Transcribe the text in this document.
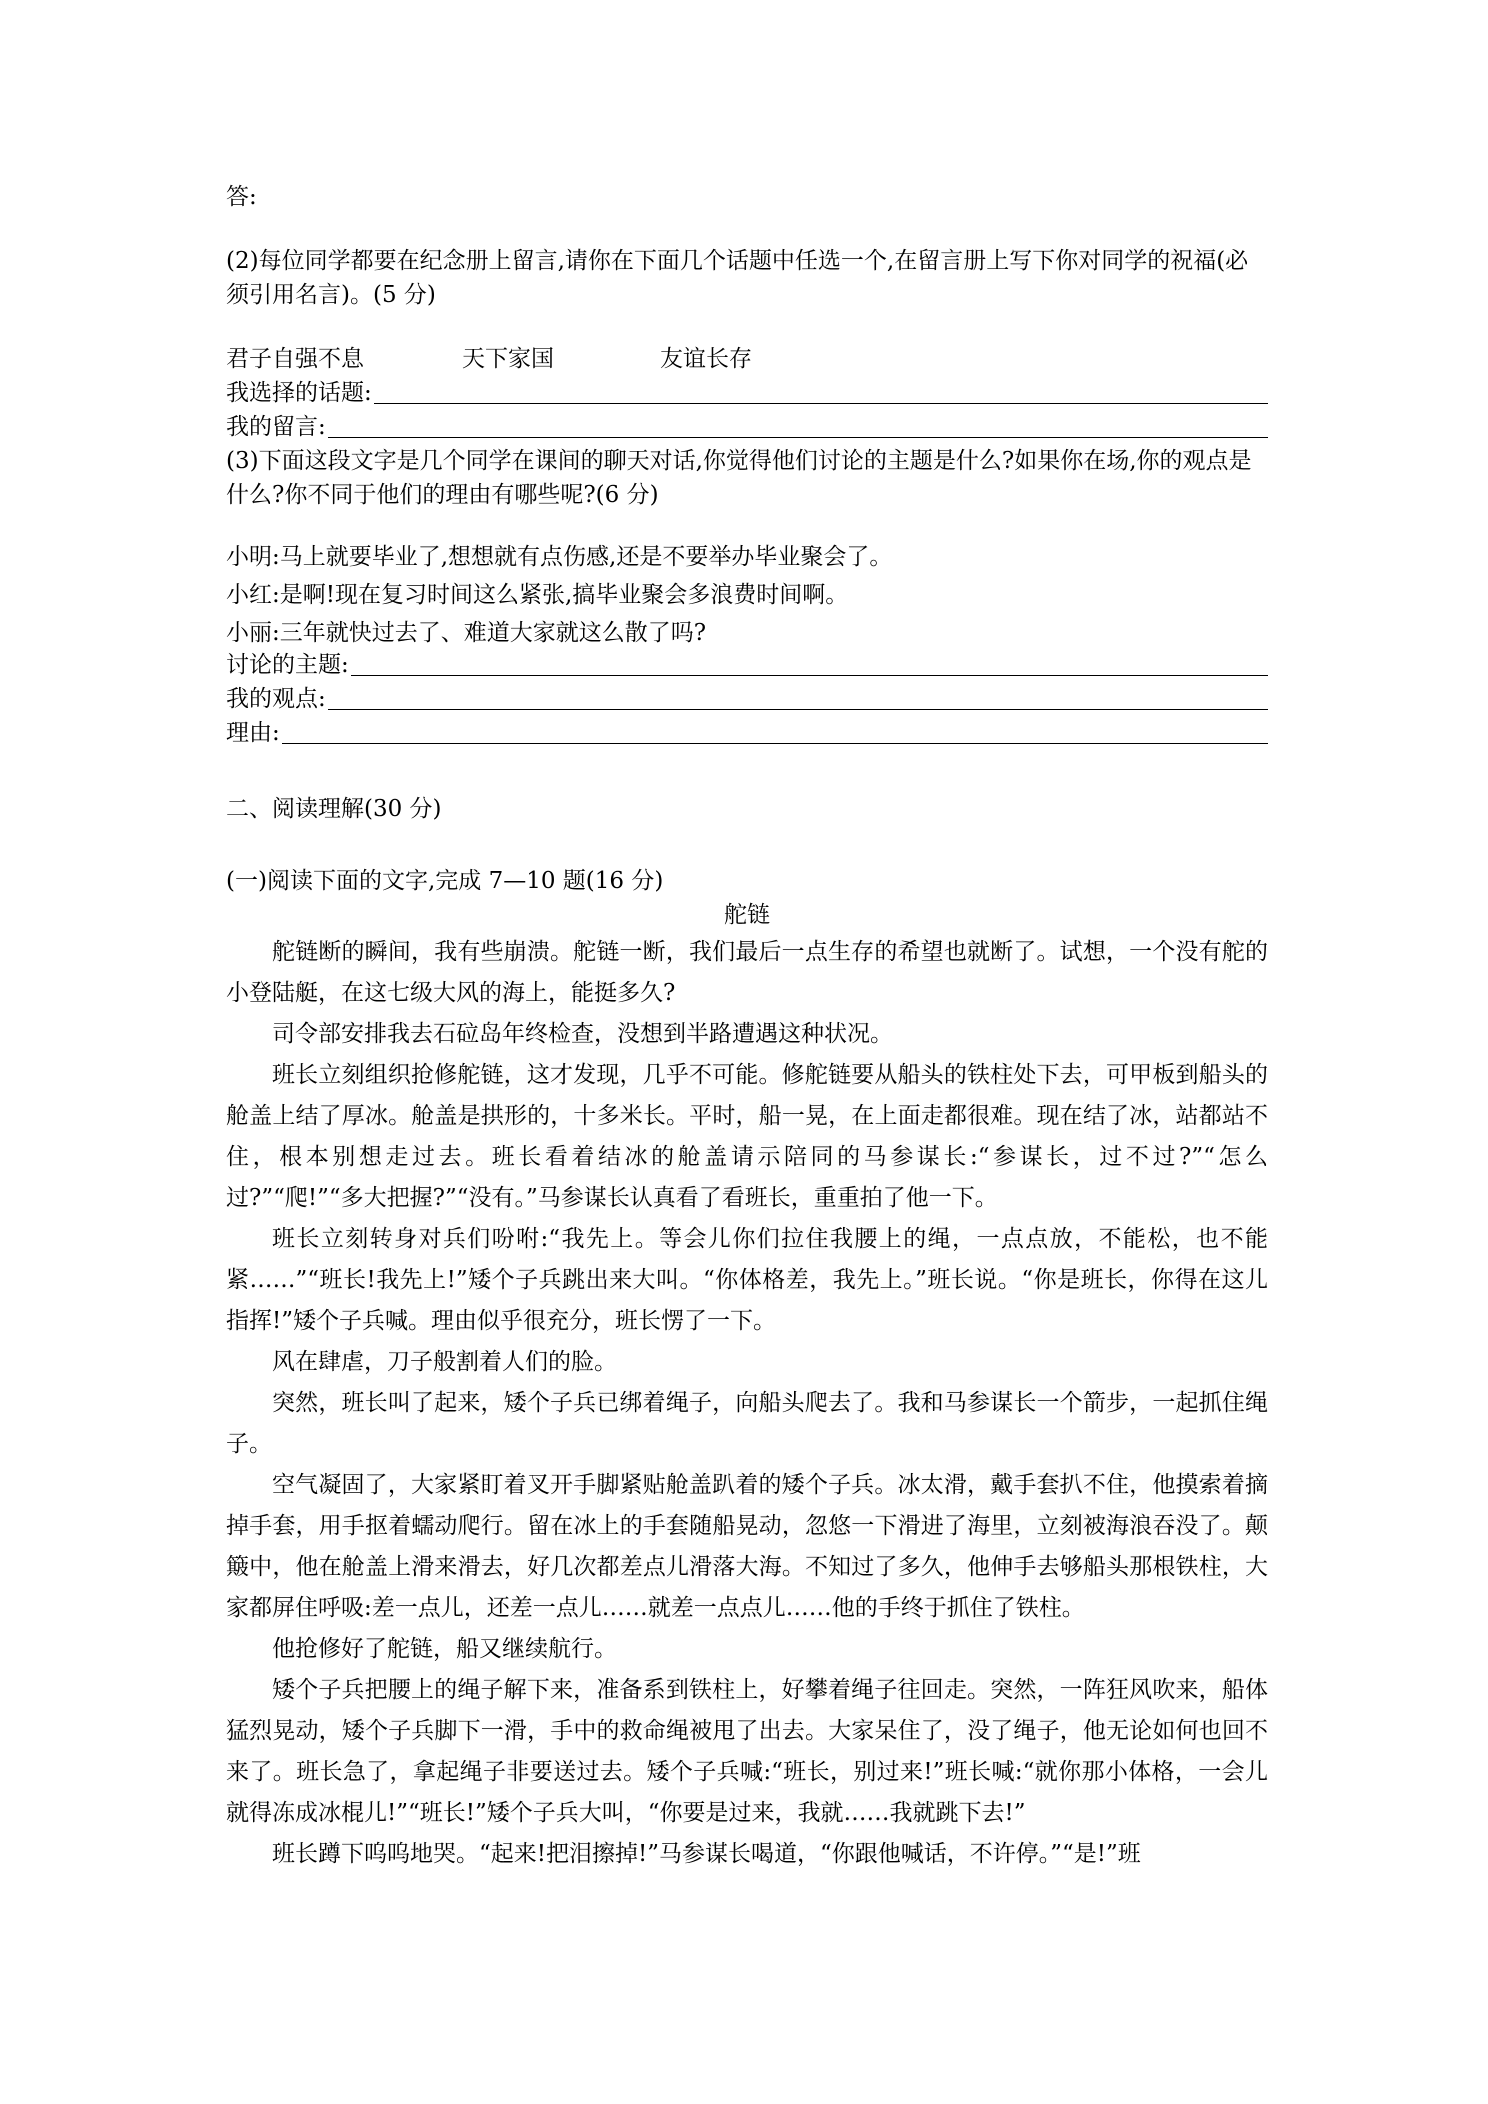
答:
(2)每位同学都要在纪念册上留言,请你在下面几个话题中任选一个,在留言册上写下你对同学的祝福(必须引用名言)。(5 分)
君子自强不息	天下家国	友谊长存
我选择的话题:
我的留言:
(3)下面这段文字是几个同学在课间的聊天对话,你觉得他们讨论的主题是什么?如果你在场,你的观点是什么?你不同于他们的理由有哪些呢?(6 分)
小明:马上就要毕业了,想想就有点伤感,还是不要举办毕业聚会了。
小红:是啊!现在复习时间这么紧张,搞毕业聚会多浪费时间啊。
小丽:三年就快过去了、难道大家就这么散了吗?
讨论的主题:
我的观点:
理由:
二、阅读理解(30 分)
(一)阅读下面的文字,完成 7—10 题(16 分)
舵链

舵链断的瞬间，我有些崩溃。舵链一断，我们最后一点生存的希望也就断了。试想，一个没有舵的小登陆艇，在这七级大风的海上，能挺多久?

司令部安排我去石砬岛年终检查，没想到半路遭遇这种状况。

班长立刻组织抢修舵链，这才发现，几乎不可能。修舵链要从船头的铁柱处下去，可甲板到船头的舱盖上结了厚冰。舱盖是拱形的，十多米长。平时，船一晃，在上面走都很难。现在结了冰，站都站不住，根本别想走过去。班长看着结冰的舱盖请示陪同的马参谋长:“参谋长，过不过?”“怎么过?”“爬!”“多大把握?”“没有。”马参谋长认真看了看班长，重重拍了他一下。

班长立刻转身对兵们吩咐:“我先上。等会儿你们拉住我腰上的绳，一点点放，不能松，也不能紧……”“班长!我先上!”矮个子兵跳出来大叫。“你体格差，我先上。”班长说。“你是班长，你得在这儿指挥!”矮个子兵喊。理由似乎很充分，班长愣了一下。

风在肆虐，刀子般割着人们的脸。

突然，班长叫了起来，矮个子兵已绑着绳子，向船头爬去了。我和马参谋长一个箭步，一起抓住绳子。

空气凝固了，大家紧盯着叉开手脚紧贴舱盖趴着的矮个子兵。冰太滑，戴手套扒不住，他摸索着摘掉手套，用手抠着蠕动爬行。留在冰上的手套随船晃动，忽悠一下滑进了海里，立刻被海浪吞没了。颠簸中，他在舱盖上滑来滑去，好几次都差点儿滑落大海。不知过了多久，他伸手去够船头那根铁柱，大家都屏住呼吸:差一点儿，还差一点儿……就差一点点儿……他的手终于抓住了铁柱。

他抢修好了舵链，船又继续航行。

矮个子兵把腰上的绳子解下来，准备系到铁柱上，好攀着绳子往回走。突然，一阵狂风吹来，船体猛烈晃动，矮个子兵脚下一滑，手中的救命绳被甩了出去。大家呆住了，没了绳子，他无论如何也回不来了。班长急了，拿起绳子非要送过去。矮个子兵喊:“班长，别过来!”班长喊:“就你那小体格，一会儿就得冻成冰棍儿!”“班长!”矮个子兵大叫，“你要是过来，我就……我就跳下去!”

班长蹲下呜呜地哭。“起来!把泪擦掉!”马参谋长喝道，“你跟他喊话，不许停。”“是!”班
